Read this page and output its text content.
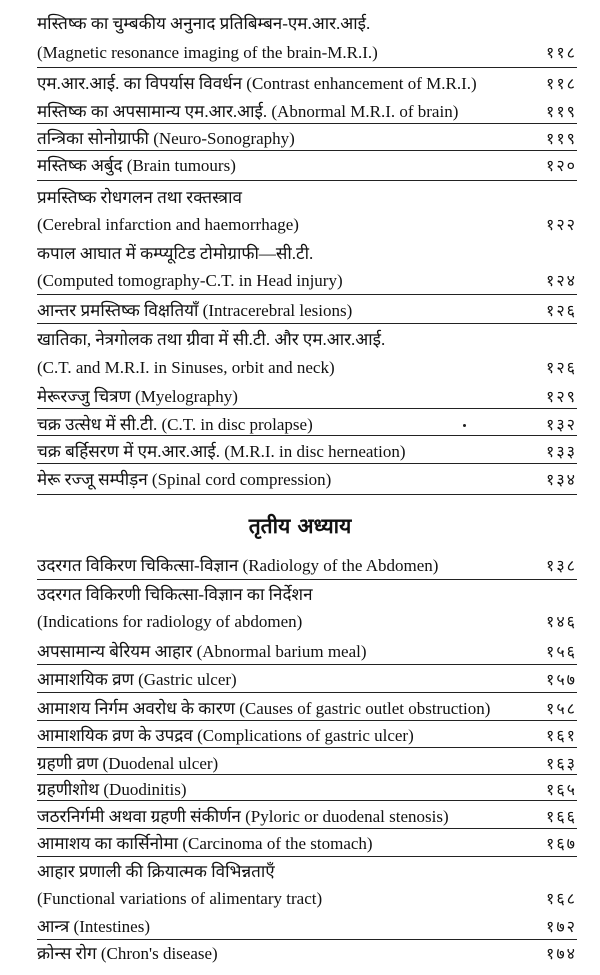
मस्तिष्क का चुम्बकीय अनुनाद प्रतिबिम्बन-एम.आर.आई.
(Magnetic resonance imaging of the brain-M.R.I.)	११८
एम.आर.आई. का विपर्यास विवर्धन (Contrast enhancement of M.R.I.)	११८
मस्तिष्क का अपसामान्य एम.आर.आई. (Abnormal M.R.I. of brain)	११९
तन्त्रिका सोनोग्राफी (Neuro-Sonography)	११९
मस्तिष्क अर्बुद (Brain tumours)	१२०
प्रमस्तिष्क रोधगलन तथा रक्तस्त्राव
(Cerebral infarction and haemorrhage)	१२२
कपाल आघात में कम्प्यूटिड टोमोग्राफी—सी.टी.
(Computed tomography-C.T. in Head injury)	१२४
आन्तर प्रमस्तिष्क विक्षतियाँ (Intracerebral lesions)	१२६
खातिका, नेत्रगोलक तथा ग्रीवा में सी.टी. और एम.आर.आई.
(C.T. and M.R.I. in Sinuses, orbit and neck)	१२६
मेरूरज्जु चित्रण (Myelography)	१२९
चक्र उत्सेध में सी.टी. (C.T. in disc prolapse)	१३२
चक्र बर्हिसरण में एम.आर.आई. (M.R.I. in disc herneation)	१३३
मेरू रज्जू सम्पीड़न (Spinal cord compression)	१३४
तृतीय अध्याय
उदरगत विकिरण चिकित्सा-विज्ञान (Radiology of the Abdomen)	१३८
उदरगत विकिरणी चिकित्सा-विज्ञान का निर्देशन
(Indications for radiology of abdomen)	१४६
अपसामान्य बेरियम आहार (Abnormal barium meal)	१५६
आमाशयिक व्रण (Gastric ulcer)	१५७
आमाशय निर्गम अवरोध के कारण (Causes of gastric outlet obstruction)	१५८
आमाशयिक व्रण के उपद्रव (Complications of gastric ulcer)	१६१
ग्रहणी व्रण (Duodenal ulcer)	१६३
ग्रहणीशोथ (Duodinitis)	१६५
जठरनिर्गमी अथवा ग्रहणी संकीर्णन (Pyloric or duodenal stenosis)	१६६
आमाशय का कार्सिनोमा (Carcinoma of the stomach)	१६७
आहार प्रणाली की क्रियात्मक विभिन्नताएँ
(Functional variations of alimentary tract)	१६८
आन्त्र (Intestines)	१७२
क्रोन्स रोग (Chron's disease)	१७४
